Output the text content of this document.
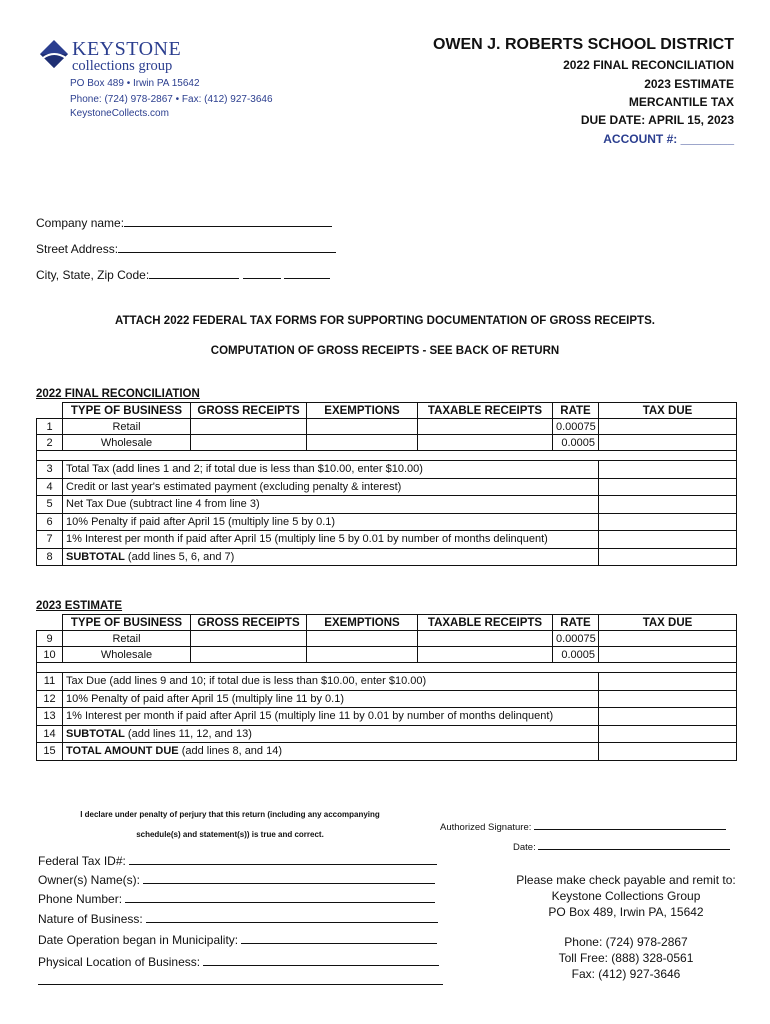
KEYSTONE
collections group
PO Box 489 • Irwin PA 15642
Phone: (724) 978-2867 • Fax: (412) 927-3646
KeystoneCollects.com
OWEN J. ROBERTS SCHOOL DISTRICT
2022 FINAL RECONCILIATION
2023 ESTIMATE
MERCANTILE TAX
DUE DATE: APRIL 15, 2023
ACCOUNT #: ________
Company name:
Street Address:
City, State, Zip Code:
ATTACH 2022 FEDERAL TAX FORMS FOR SUPPORTING DOCUMENTATION OF GROSS RECEIPTS.
COMPUTATION OF GROSS RECEIPTS - SEE BACK OF RETURN
2022 FINAL RECONCILIATION
	TYPE OF BUSINESS	GROSS RECEIPTS	EXEMPTIONS	TAXABLE RECEIPTS	RATE	TAX DUE
1	Retail				0.00075	
2	Wholesale				0.0005	

3	Total Tax (add lines 1 and 2; if total due is less than $10.00, enter $10.00)					
4	Credit or last year's estimated payment (excluding penalty & interest)					
5	Net Tax Due (subtract line 4 from line 3)					
6	10% Penalty if paid after April 15 (multiply line 5 by 0.1)					
7	1% Interest per month if paid after April 15 (multiply line 5 by 0.01 by number of months delinquent)					
8	SUBTOTAL (add lines 5, 6, and 7)					
2023 ESTIMATE
	TYPE OF BUSINESS	GROSS RECEIPTS	EXEMPTIONS	TAXABLE RECEIPTS	RATE	TAX DUE
9	Retail				0.00075	
10	Wholesale				0.0005	

11	Tax Due (add lines 9 and 10; if total due is less than $10.00, enter $10.00)					
12	10% Penalty of paid after April 15 (multiply line 11 by 0.1)					
13	1% Interest per month if paid after April 15 (multiply line 11 by 0.01 by number of months delinquent)					
14	SUBTOTAL (add lines 11, 12, and 13)					
15	TOTAL AMOUNT DUE (add lines 8, and 14)					
I declare under penalty of perjury that this return (including any accompanying
schedule(s) and statement(s)) is true and correct.
Authorized Signature:
Date:
Federal Tax ID#:
Owner(s) Name(s):
Phone Number:
Nature of Business:
Date Operation began in Municipality:
Physical Location of Business:
Please make check payable and remit to:
Keystone Collections Group
PO Box 489, Irwin PA, 15642
Phone: (724) 978-2867
Toll Free: (888) 328-0561
Fax: (412) 927-3646
